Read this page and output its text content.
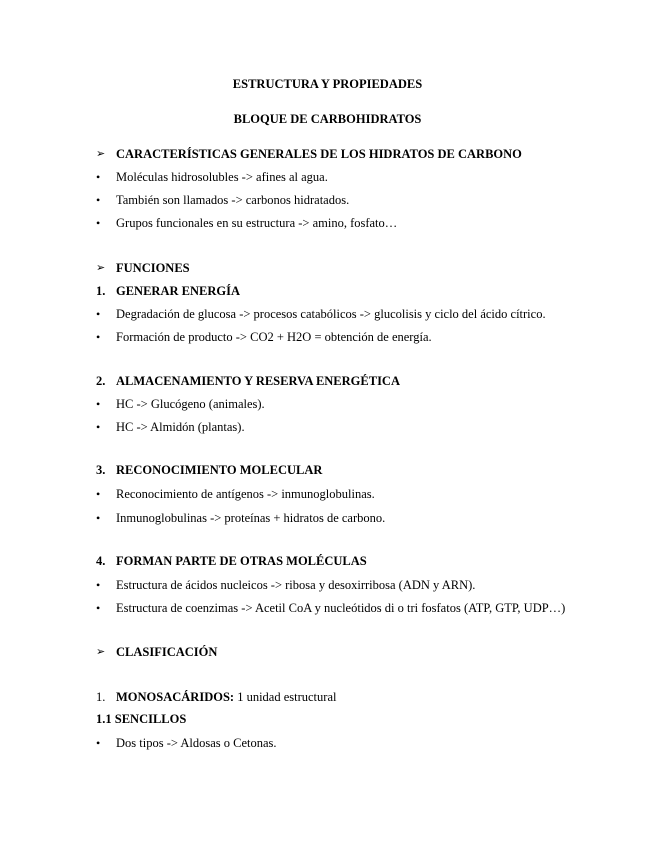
ESTRUCTURA Y PROPIEDADES
BLOQUE DE CARBOHIDRATOS
➢ CARACTERÍSTICAS GENERALES DE LOS HIDRATOS DE CARBONO
•	Moléculas hidrosolubles -> afines al agua.
•	También son llamados -> carbonos hidratados.
•	Grupos funcionales en su estructura -> amino, fosfato…
➢ FUNCIONES
1. GENERAR ENERGÍA
•	Degradación de glucosa -> procesos catabólicos -> glucolisis y ciclo del ácido cítrico.
•	Formación de producto -> CO2 + H2O = obtención de energía.
2. ALMACENAMIENTO Y RESERVA ENERGÉTICA
•	HC -> Glucógeno (animales).
•	HC -> Almidón (plantas).
3. RECONOCIMIENTO MOLECULAR
•	Reconocimiento de antígenos -> inmunoglobulinas.
•	Inmunoglobulinas -> proteínas + hidratos de carbono.
4. FORMAN PARTE DE OTRAS MOLÉCULAS
•	Estructura de ácidos nucleicos -> ribosa y desoxirribosa (ADN y ARN).
•	Estructura de coenzimas -> Acetil CoA y nucleótidos di o tri fosfatos (ATP, GTP, UDP…)
➢ CLASIFICACIÓN
1. MONOSACÁRIDOS: 1 unidad estructural
1.1 SENCILLOS
•	Dos tipos -> Aldosas o Cetonas.
